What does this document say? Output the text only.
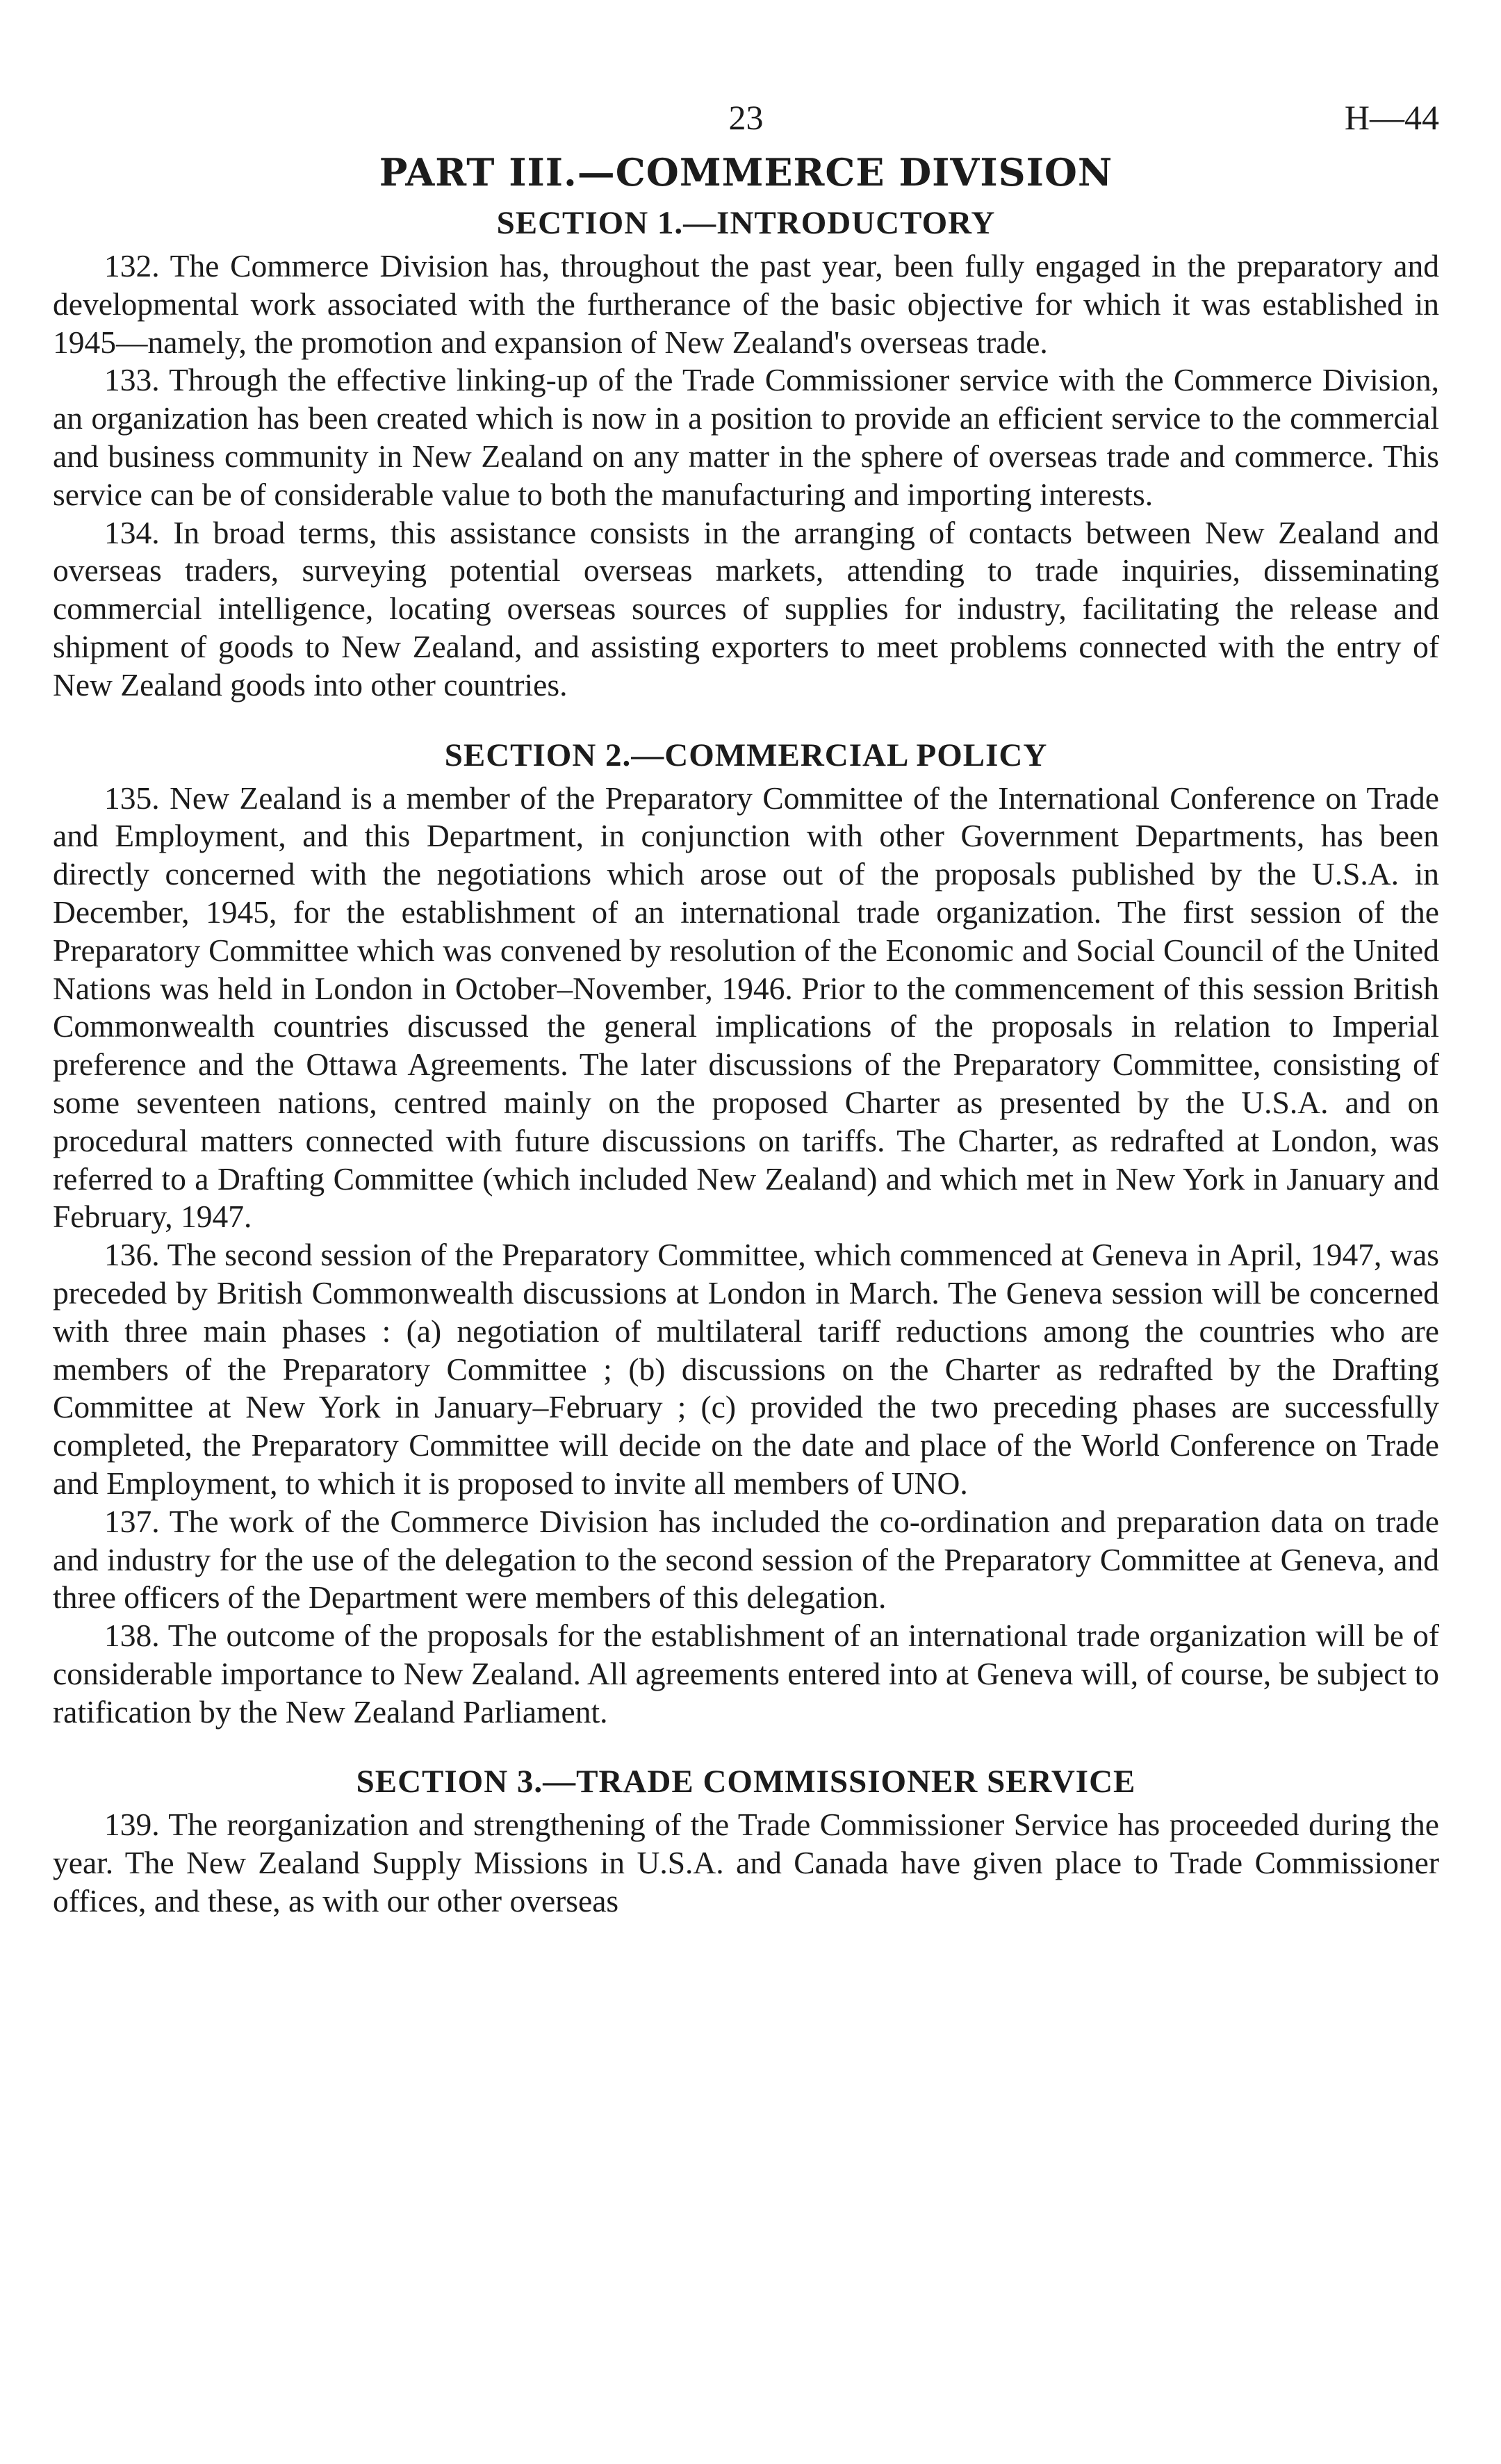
23	H—44
PART III.—COMMERCE DIVISION
SECTION 1.—INTRODUCTORY

132. The Commerce Division has, throughout the past year, been fully engaged in the preparatory and developmental work associated with the furtherance of the basic objective for which it was established in 1945—namely, the promotion and expansion of New Zealand's overseas trade.

133. Through the effective linking-up of the Trade Commissioner service with the Commerce Division, an organization has been created which is now in a position to provide an efficient service to the commercial and business community in New Zealand on any matter in the sphere of overseas trade and commerce. This service can be of considerable value to both the manufacturing and importing interests.

134. In broad terms, this assistance consists in the arranging of contacts between New Zealand and overseas traders, surveying potential overseas markets, attending to trade inquiries, disseminating commercial intelligence, locating overseas sources of supplies for industry, facilitating the release and shipment of goods to New Zealand, and assisting exporters to meet problems connected with the entry of New Zealand goods into other countries.

SECTION 2.—COMMERCIAL POLICY

135. New Zealand is a member of the Preparatory Committee of the International Conference on Trade and Employment, and this Department, in conjunction with other Government Departments, has been directly concerned with the negotiations which arose out of the proposals published by the U.S.A. in December, 1945, for the establishment of an international trade organization. The first session of the Preparatory Committee which was convened by resolution of the Economic and Social Council of the United Nations was held in London in October–November, 1946. Prior to the commencement of this session British Commonwealth countries discussed the general implications of the proposals in relation to Imperial preference and the Ottawa Agreements. The later discussions of the Preparatory Committee, consisting of some seventeen nations, centred mainly on the proposed Charter as presented by the U.S.A. and on procedural matters connected with future discussions on tariffs. The Charter, as redrafted at London, was referred to a Drafting Committee (which included New Zealand) and which met in New York in January and February, 1947.

136. The second session of the Preparatory Committee, which commenced at Geneva in April, 1947, was preceded by British Commonwealth discussions at London in March. The Geneva session will be concerned with three main phases : (a) negotiation of multilateral tariff reductions among the countries who are members of the Preparatory Committee ; (b) discussions on the Charter as redrafted by the Drafting Committee at New York in January–February ; (c) provided the two preceding phases are successfully completed, the Preparatory Committee will decide on the date and place of the World Conference on Trade and Employment, to which it is proposed to invite all members of UNO.

137. The work of the Commerce Division has included the co-ordination and preparation data on trade and industry for the use of the delegation to the second session of the Preparatory Committee at Geneva, and three officers of the Department were members of this delegation.

138. The outcome of the proposals for the establishment of an international trade organization will be of considerable importance to New Zealand. All agreements entered into at Geneva will, of course, be subject to ratification by the New Zealand Parliament.

SECTION 3.—TRADE COMMISSIONER SERVICE

139. The reorganization and strengthening of the Trade Commissioner Service has proceeded during the year. The New Zealand Supply Missions in U.S.A. and Canada have given place to Trade Commissioner offices, and these, as with our other overseas
